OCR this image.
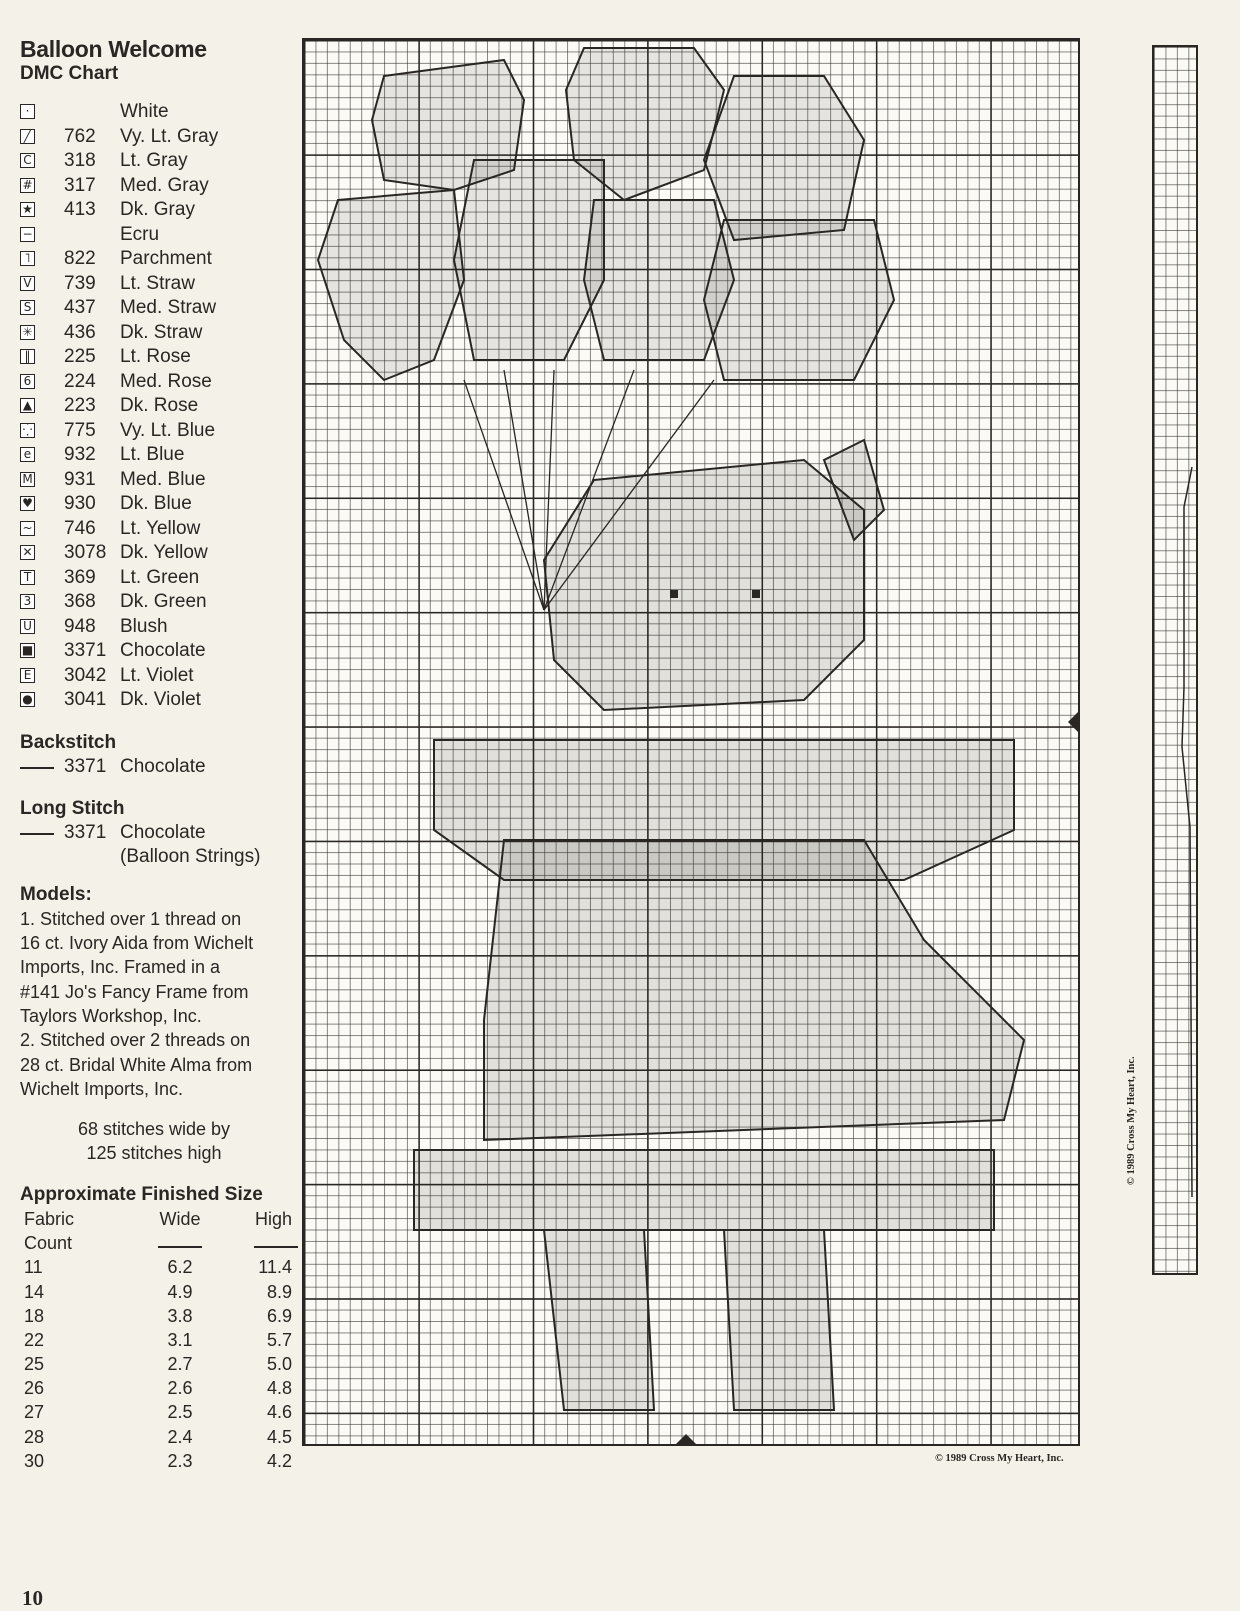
Balloon Welcome
DMC Chart
·	White
╱ 762 Vy. Lt. Gray
C 318 Lt. Gray
# 317 Med. Gray
★ 413 Dk. Gray
−	Ecru
˥ 822 Parchment
V 739 Lt. Straw
S 437 Med. Straw
✳ 436 Dk. Straw
‖ 225 Lt. Rose
6 224 Med. Rose
▲ 223 Dk. Rose
⁛ 775 Vy. Lt. Blue
e 932 Lt. Blue
M 931 Med. Blue
♥ 930 Dk. Blue
~ 746 Lt. Yellow
✕ 3078 Dk. Yellow
T 369 Lt. Green
3 368 Dk. Green
U 948 Blush
■ 3371 Chocolate
E 3042 Lt. Violet
● 3041 Dk. Violet
Backstitch
3371 Chocolate
Long Stitch
3371 Chocolate
(Balloon Strings)
Models:
1. Stitched over 1 thread on
16 ct. Ivory Aida from Wichelt
Imports, Inc. Framed in a
#141 Jo's Fancy Frame from
Taylors Workshop, Inc.
2. Stitched over 2 threads on
28 ct. Bridal White Alma from
Wichelt Imports, Inc.
68 stitches wide by
125 stitches high
Approximate Finished Size
Fabric	Wide	High
Count
11	6.2	11.4
14	4.9	8.9
18	3.8	6.9
22	3.1	5.7
25	2.7	5.0
26	2.6	4.8
27	2.5	4.6
28	2.4	4.5
30	2.3	4.2
10
© 1989 Cross My Heart, Inc.
© 1989 Cross My Heart, Inc.
